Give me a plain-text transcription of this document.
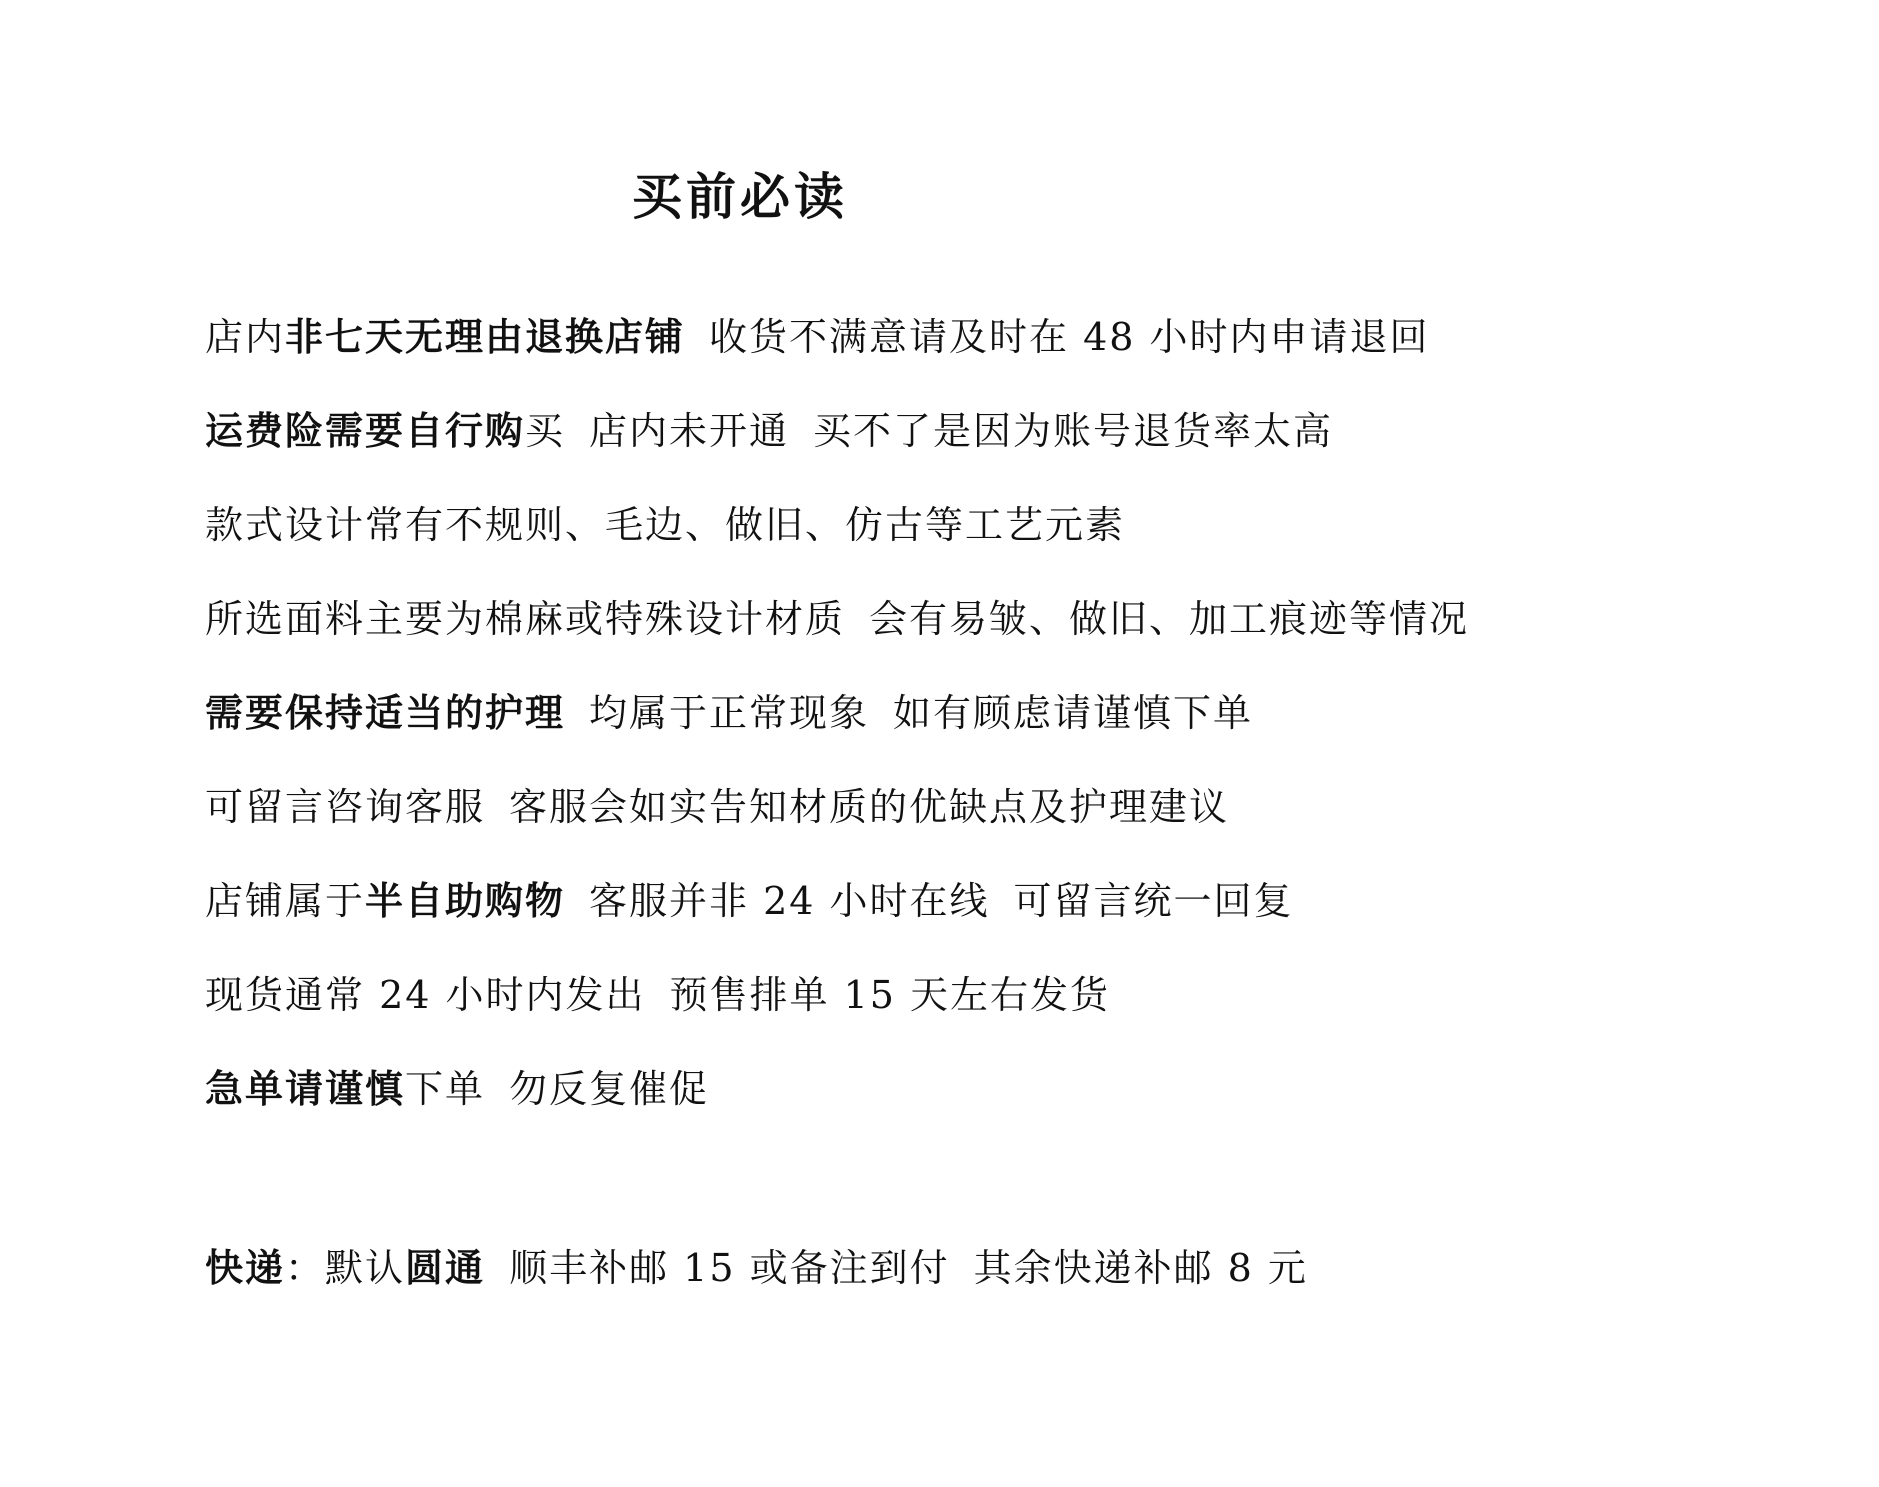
买前必读
店内非七天无理由退换店铺 收货不满意请及时在 48 小时内申请退回
运费险需要自行购买 店内未开通 买不了是因为账号退货率太高
款式设计常有不规则、毛边、做旧、仿古等工艺元素
所选面料主要为棉麻或特殊设计材质 会有易皱、做旧、加工痕迹等情况
需要保持适当的护理 均属于正常现象 如有顾虑请谨慎下单
可留言咨询客服 客服会如实告知材质的优缺点及护理建议
店铺属于半自助购物 客服并非 24 小时在线 可留言统一回复
现货通常 24 小时内发出 预售排单 15 天左右发货
急单请谨慎下单 勿反复催促
快递：默认圆通 顺丰补邮 15 或备注到付 其余快递补邮 8 元
